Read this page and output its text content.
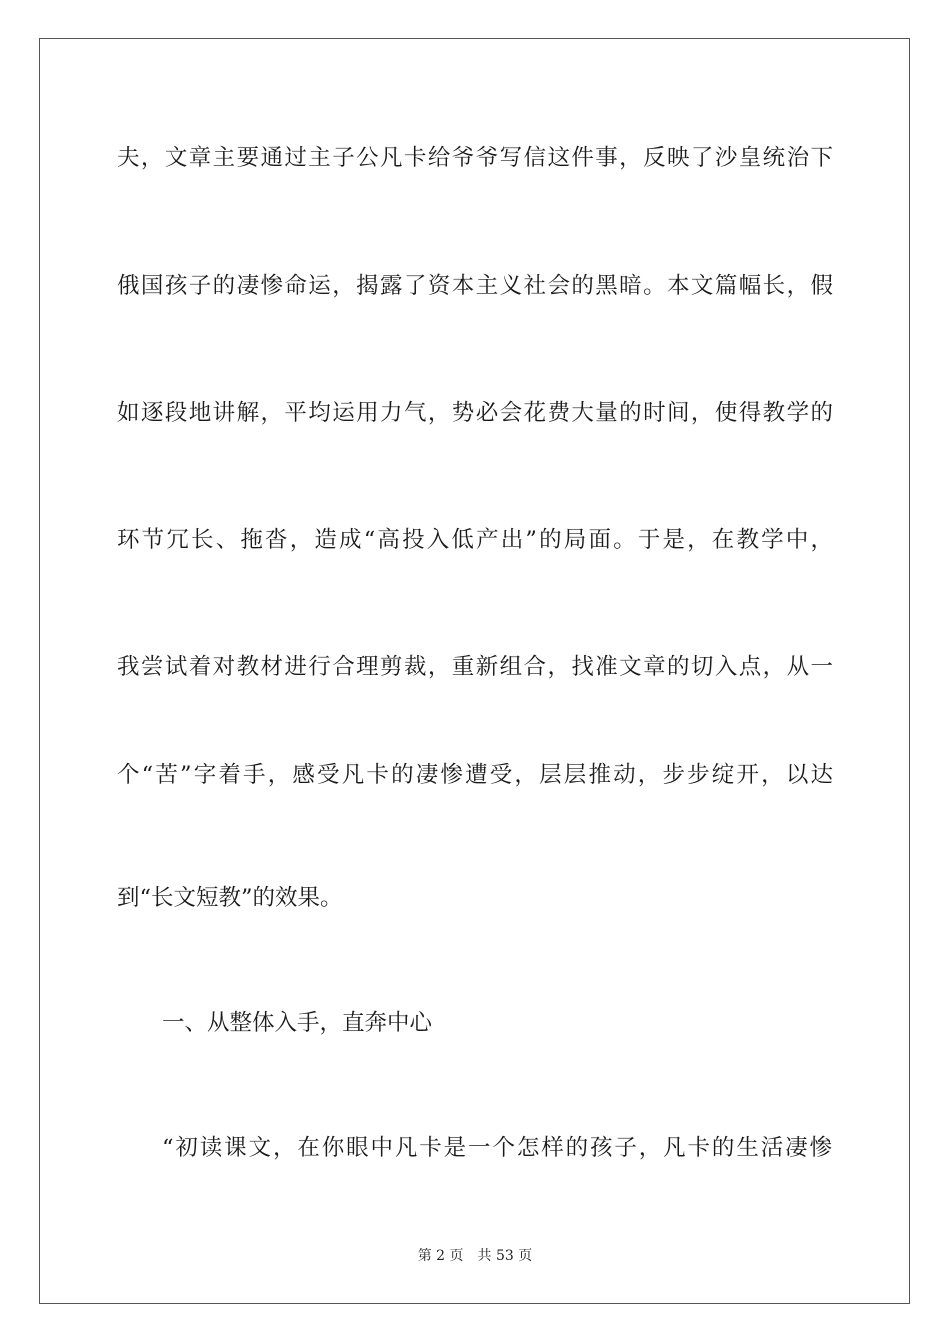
夫，文章主要通过主子公凡卡给爷爷写信这件事，反映了沙皇统治下
俄国孩子的凄惨命运，揭露了资本主义社会的黑暗。本文篇幅长，假
如逐段地讲解，平均运用力气，势必会花费大量的时间，使得教学的
环节冗长、拖沓，造成“高投入低产出”的局面。于是，在教学中，
我尝试着对教材进行合理剪裁，重新组合，找准文章的切入点，从一
个“苦”字着手，感受凡卡的凄惨遭受，层层推动，步步绽开，以达
到“长文短教”的效果。
一、从整体入手，直奔中心
“初读课文，在你眼中凡卡是一个怎样的孩子，凡卡的生活凄惨
第 2 页 共 53 页
